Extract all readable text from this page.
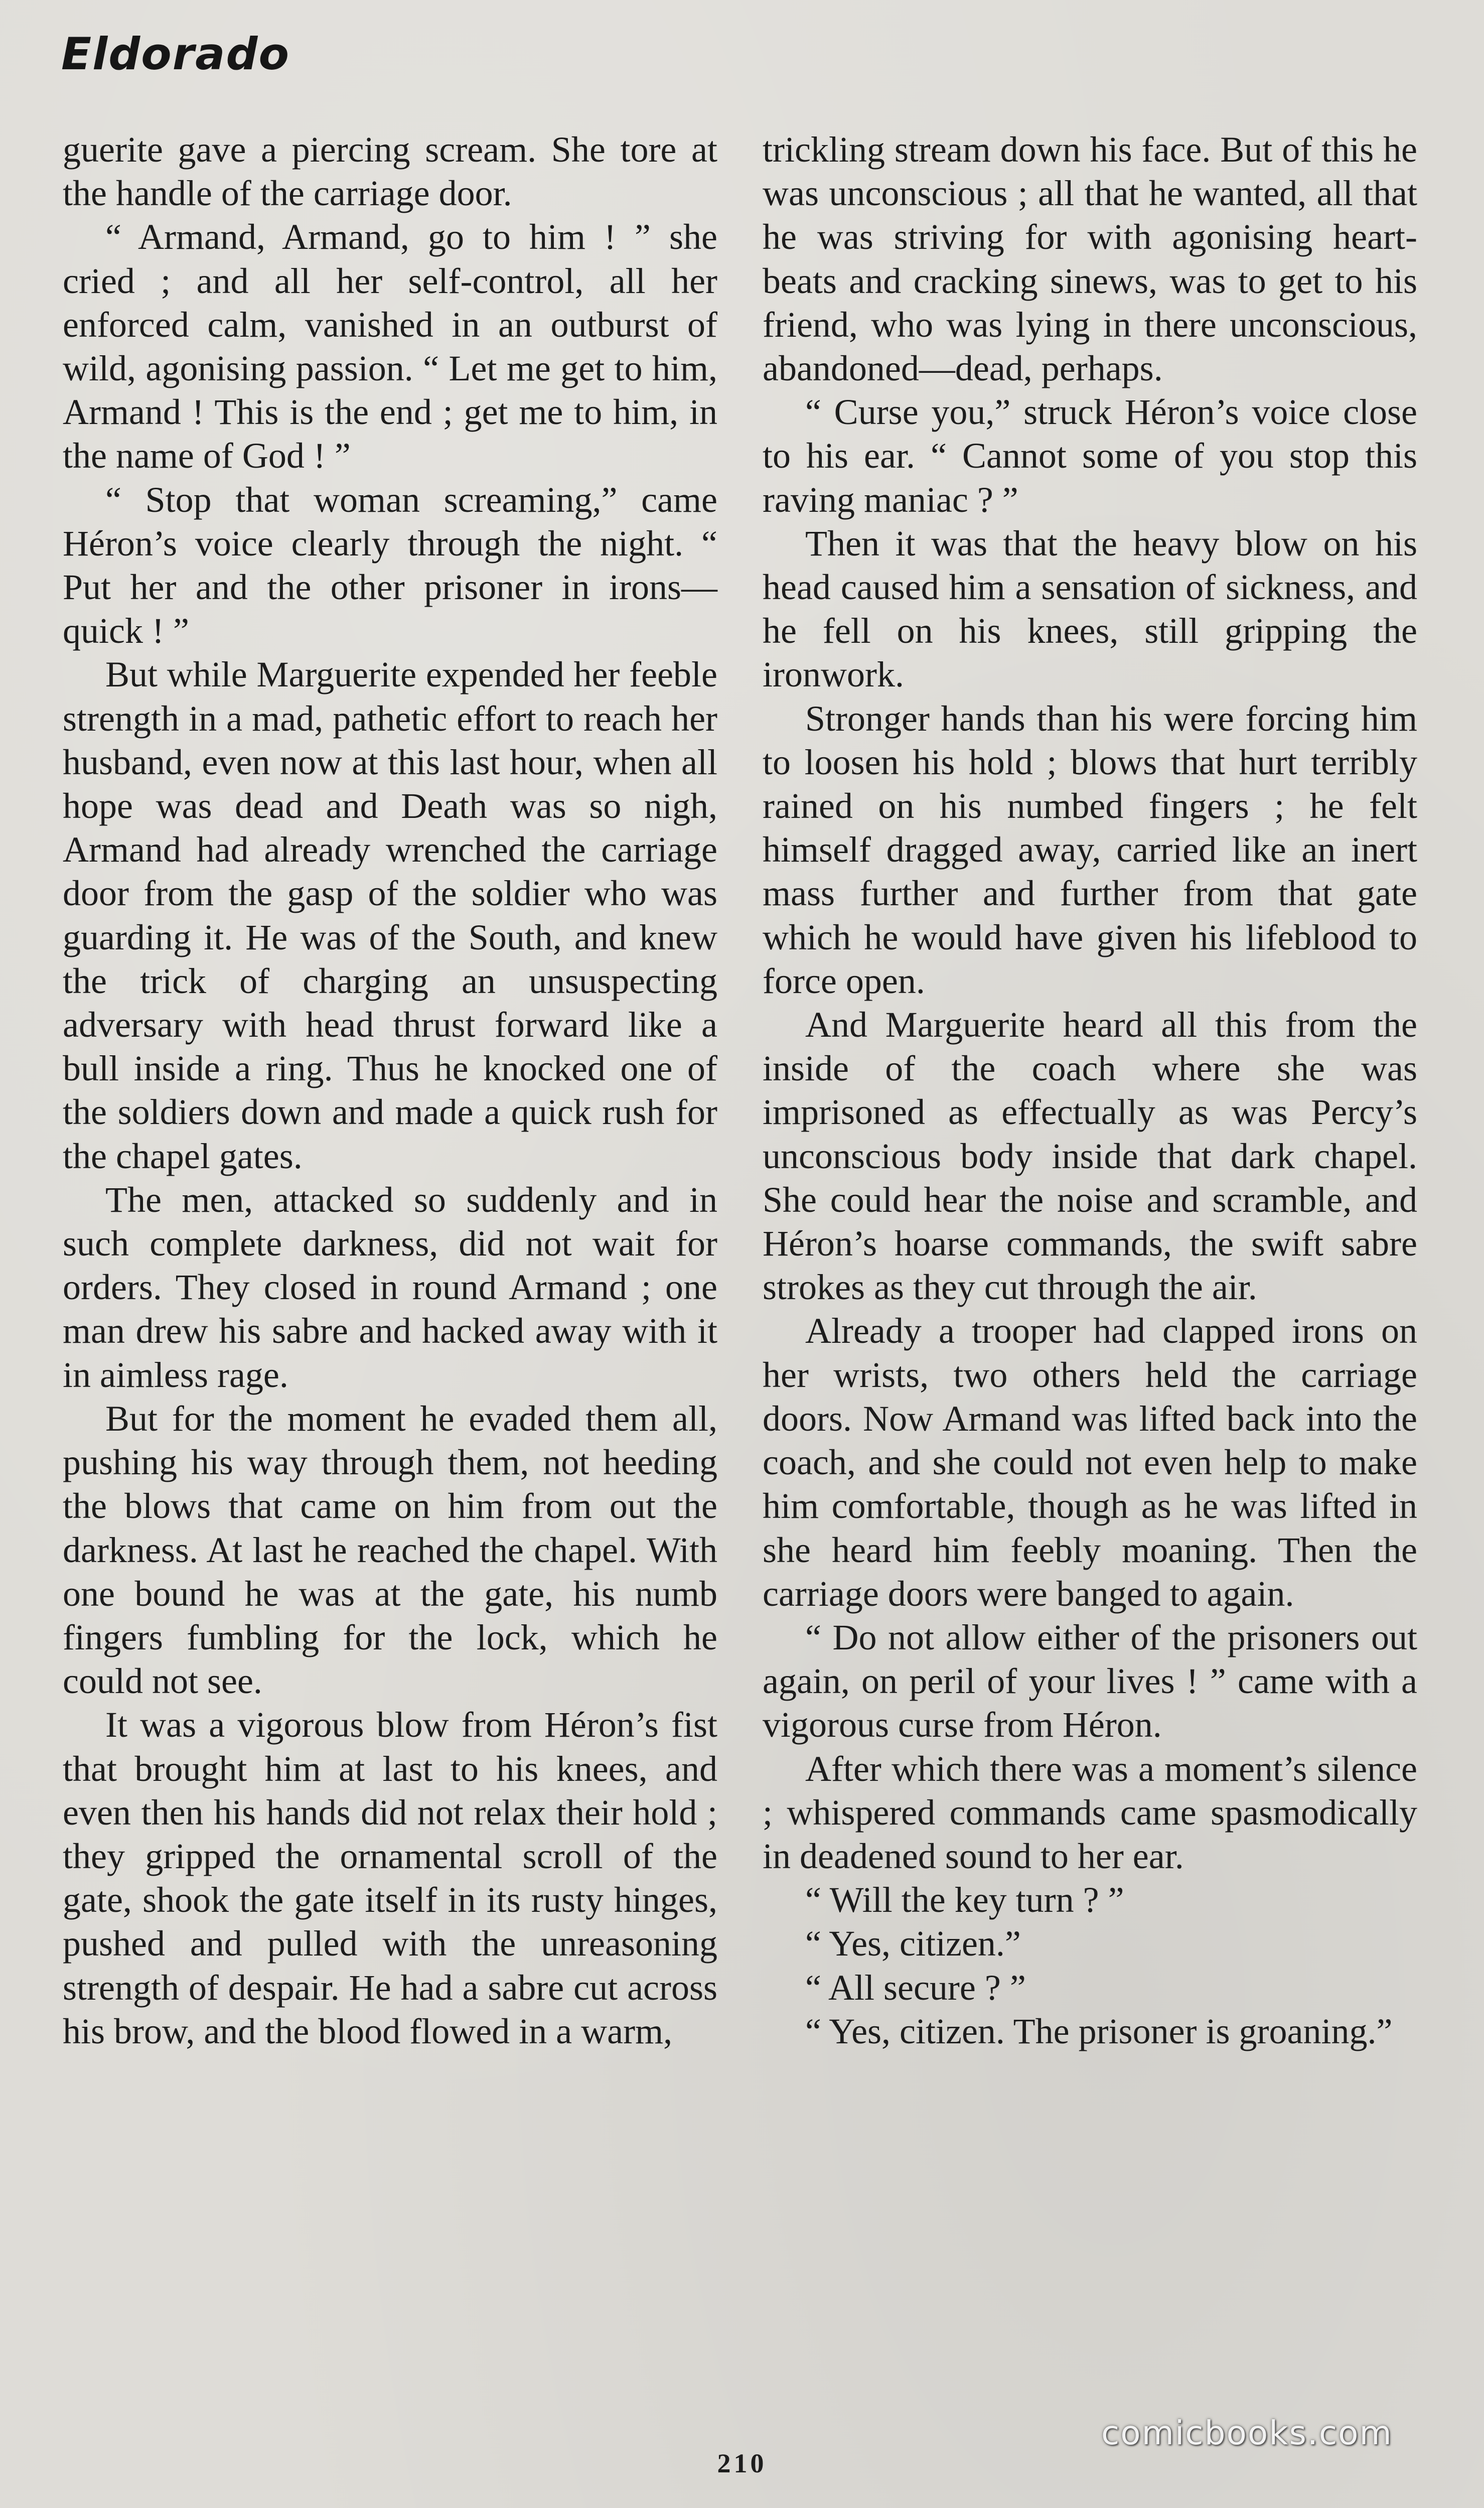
Eldorado

guerite gave a piercing scream. She tore at the handle of the carriage door.

“ Armand, Armand, go to him ! ” she cried ; and all her self-control, all her enforced calm, vanished in an outburst of wild, agonising passion. “ Let me get to him, Armand ! This is the end ; get me to him, in the name of God ! ”

“ Stop that woman screaming,” came Héron’s voice clearly through the night. “ Put her and the other prisoner in irons—quick ! ”

But while Marguerite expended her feeble strength in a mad, pathetic effort to reach her husband, even now at this last hour, when all hope was dead and Death was so nigh, Armand had already wrenched the carriage door from the gasp of the soldier who was guarding it. He was of the South, and knew the trick of charging an unsuspecting adversary with head thrust forward like a bull inside a ring. Thus he knocked one of the soldiers down and made a quick rush for the chapel gates.

The men, attacked so suddenly and in such complete darkness, did not wait for orders. They closed in round Armand ; one man drew his sabre and hacked away with it in aimless rage.

But for the moment he evaded them all, pushing his way through them, not heeding the blows that came on him from out the darkness. At last he reached the chapel. With one bound he was at the gate, his numb fingers fumbling for the lock, which he could not see.

It was a vigorous blow from Héron’s fist that brought him at last to his knees, and even then his hands did not relax their hold ; they gripped the ornamental scroll of the gate, shook the gate itself in its rusty hinges, pushed and pulled with the unreasoning strength of despair. He had a sabre cut across his brow, and the blood flowed in a warm,

trickling stream down his face. But of this he was unconscious ; all that he wanted, all that he was striving for with agonising heart-beats and cracking sinews, was to get to his friend, who was lying in there unconscious, abandoned—dead, perhaps.

“ Curse you,” struck Héron’s voice close to his ear. “ Cannot some of you stop this raving maniac ? ”

Then it was that the heavy blow on his head caused him a sensation of sickness, and he fell on his knees, still gripping the ironwork.

Stronger hands than his were forcing him to loosen his hold ; blows that hurt terribly rained on his numbed fingers ; he felt himself dragged away, carried like an inert mass further and further from that gate which he would have given his lifeblood to force open.

And Marguerite heard all this from the inside of the coach where she was imprisoned as effectually as was Percy’s unconscious body inside that dark chapel. She could hear the noise and scramble, and Héron’s hoarse commands, the swift sabre strokes as they cut through the air.

Already a trooper had clapped irons on her wrists, two others held the carriage doors. Now Armand was lifted back into the coach, and she could not even help to make him comfortable, though as he was lifted in she heard him feebly moaning. Then the carriage doors were banged to again.

“ Do not allow either of the prisoners out again, on peril of your lives ! ” came with a vigorous curse from Héron.

After which there was a moment’s silence ; whispered commands came spasmodically in deadened sound to her ear.

“ Will the key turn ? ”

“ Yes, citizen.”

“ All secure ? ”

“ Yes, citizen. The prisoner is groaning.”

210

comicbooks.com
